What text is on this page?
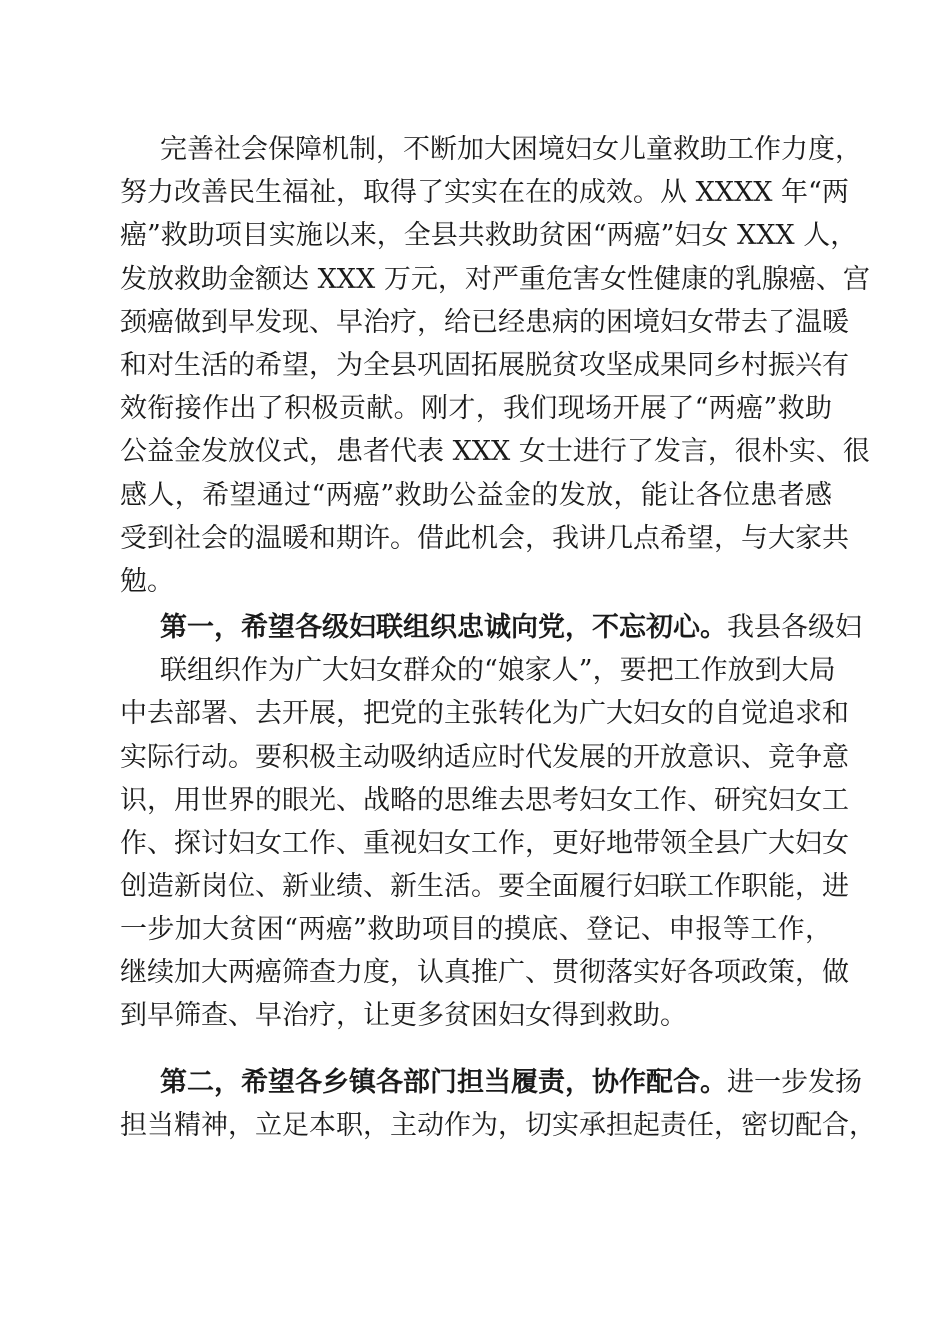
完善社会保障机制，不断加大困境妇女儿童救助工作力度，
努力改善民生福祉，取得了实实在在的成效。从 XXXX 年“两
癌”救助项目实施以来，全县共救助贫困“两癌”妇女 XXX 人，
发放救助金额达 XXX 万元，对严重危害女性健康的乳腺癌、宫
颈癌做到早发现、早治疗，给已经患病的困境妇女带去了温暖
和对生活的希望，为全县巩固拓展脱贫攻坚成果同乡村振兴有
效衔接作出了积极贡献。刚才，我们现场开展了“两癌”救助
公益金发放仪式，患者代表 XXX 女士进行了发言，很朴实、很
感人，希望通过“两癌”救助公益金的发放，能让各位患者感
受到社会的温暖和期许。借此机会，我讲几点希望，与大家共
勉。
第一，希望各级妇联组织忠诚向党，不忘初心。我县各级妇
联组织作为广大妇女群众的“娘家人”，要把工作放到大局
中去部署、去开展，把党的主张转化为广大妇女的自觉追求和
实际行动。要积极主动吸纳适应时代发展的开放意识、竞争意
识，用世界的眼光、战略的思维去思考妇女工作、研究妇女工
作、探讨妇女工作、重视妇女工作，更好地带领全县广大妇女
创造新岗位、新业绩、新生活。要全面履行妇联工作职能，进
一步加大贫困“两癌”救助项目的摸底、登记、申报等工作，
继续加大两癌筛查力度，认真推广、贯彻落实好各项政策，做
到早筛查、早治疗，让更多贫困妇女得到救助。
第二，希望各乡镇各部门担当履责，协作配合。进一步发扬
担当精神，立足本职，主动作为，切实承担起责任，密切配合，
